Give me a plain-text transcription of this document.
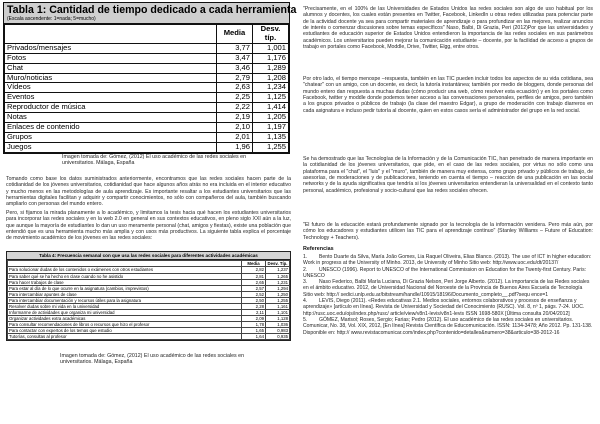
Tabla 1: Cantidad de tiempo dedicado a cada herramienta
(Escala ascendente: 1=nada; 5=mucho)
	Media	Desv. típ.
Privados/mensajes	3,77	1,001
Fotos	3,47	1,176
Chat	3,46	1,289
Muro/noticias	2,79	1,208
Vídeos	2,63	1,234
Eventos	2,25	1,125
Reproductor de música	2,22	1,414
Notas	2,19	1,205
Enlaces de contenido	2,10	1,197
Grupos	2,01	1,135
Juegos	1,96	1,255
Imagen tomada de: Gómez, (2012) El uso académico de las redes sociales en universitarios. Málaga, España
Tomando como base los datos suministrados anteriormente, encontramos que las redes sociales hacen parte de la cotidianidad de los jóvenes universitarios, cotidianidad que hace algunos años atrás no era incluida en el interior educativo y mucho menos en las metodologías de aula aprendizaje. Es importante resaltar a los estudiantes universitarios que las herramientas digitales facilitan y adquirir y compartir conocimientos, no sólo con compañeros del aula, también buscando ampliarlo con personas del mundo entero.
Pero, si fijamos la mirada planamente a lo académico, y limitamos la tesis hacia qué hacen los estudiantes universitarios para incorporar las redes sociales y en la web 2.0 en general en sus contextos educativos, en pleno siglo XXI aún a la luz, que aunque la mayoría de estudiantes lo dan un uso meramente personal (chat, amigos y fiestas), existe una población que entendió que es una herramienta mucho más amplia y con usos más productivos. La siguiente tabla explica el porcentaje de movimiento académico de los jóvenes en las redes sociales:
Tabla 4: Frecuencia semanal con que usa las redes sociales para diferentes actividades académicas
	Media	Desv. Típ.
Para solucionar dudas de los contenidos o exámenes con otros estudiantes	2,82	1,237
Para saber qué se ha hecho en clase cuando no he asistido	2,81	1,265
Para hacer trabajos de clase	2,65	1,231
Para estar al día de lo que ocurre en la asignatura (cambios, imprevistos)	2,57	1,294
Para intercambiar apuntes de clase	2,52	1,250
Para intercambiar documentación y recursos útiles para la asignatura	2,50	1,255
Resolver dudas sobre mi vida en la universidad	2,28	1,161
Informarme de actividades que organiza mi universidad	2,11	1,101
Organizar actividades extra académicas	2,09	1,128
Para consultar recomendaciones de libros o recursos que hizo el profesor	1,78	1,036
Para contactar con expertos de los temas que estudio	1,65	0,983
Tutorías, consultas al profesor	1,64	0,935
Imagen tomada de: Gómez, (2012) El uso académico de las redes sociales en universitarios. Málaga, España
"Precisamente, en el 100% de las Universidades de Estados Unidos las redes sociales son algo de uso habitual por los alumnos y docentes, los cuales están presentes en Twitter, Facebook, LinkedIn u otras redes utilizadas para potenciar parte de la actividad docente ya sea para compartir materiales de aprendizaje o para profundizar en las mejores, realizar anuncios de interés o comenzar discusiones sobre temas específicos" Naso, Balbi, Di Grazia, Peri (2012)Por que las universidades y estudiantes de educación superior de Estados Unidos entendieron la importancia de las redes sociales en sus parámetros académicos. Los universitarios pueden mejorar la comunicación estudiante – docente, por la facilidad de acceso a grupos de trabajo en portales como Facebook, Moddle, Drive, Twitter, Elgg, entre otros.
Por otro lado, el tiempo menospe –respuesta, también en las TIC pueden incluir todos los aspectos de su vida cotidiana, sea "chatear" con un amigo, con un docente, es decir, la tutoría instantánea; también por medio de bloggers, donde personas del mundo entero dan respuesta a muchas dudas (cómo producir una web, cómo resolver esta ecuación) y en los portales como Facebook, twitter y moddle donde podemos tener acceso a las conversaciones personales, perfiles de amigos, pero también a los grupos privados o públicos de trabajo (la clase del maestro Edgar), a grupo de moderación con trabajo diarreros en cada asignatura e incluso pedir tutoría al docente, quien en estos casos sería el administrador del grupo en la red social.
Se ha demostrado que las Tecnologías de la Información y de la Comunicación TIC, han penetrado de manera importante en la cotidianidad de los jóvenes universitarios, que pide, en el caso de las redes sociales, por virtus no sólo como una plataforma para el "chat", el "luis" y el "muro", también de manera muy extensa, como grupo privado y públicos de trabajo, de asesorías, de moderaciones y de publicaciones, teniendo en cuenta el tiempo – reacción de una publicación en las social networks y de la ayuda significativa que tendría si los jóvenes universitarios entendieran la universalidad en el contexto tanto personal, académico, profesional y socio-cultural que las redes sociales ofrecen.
"El futuro de la educación estará profundamente signado por la tecnología de la información venidera. Pero más aún, por cómo los educadores y estudiantes utilicen las TIC para el aprendizaje continuo" (Stanley Williams – Future of Education: Technology + Teachers).
Referencias
1. Bento Duarte da Silva, María João Gomes, Lia Raquel Oliveira, Elias Blanco. (2013). The use of ICT in higher education: Work in progress at the University of Minho. 2013, de University of Minho Sitio web: http://www.uoc.edu/dt/20137/
2. UNESCO (1996). Report to UNESCO of the International Commission on Education for the Twenty-first Century. Paris: UNESCO
3. Naso Federico, Balbi María Luciana, Di Grazia Nelson, Peri Jorge Alberto. (2012). La importancia de las Redes sociales en el ámbito educativo. 2012, de Universidad Nacional del Noroeste de la Provincia de Buenos Aires Escuela de Tecnología Sitio web: http:// sedici.unlp.edu.ar/bitstream/handle/10915/18196/Documento_completo__.pdf?sequ ence=1
4. LEVIS, Diego (2011). «Redes educativas 2.1. Medios sociales, entornos colaborativos y procesos de enseñanza y aprendizaje» [artículo en línea]. Revista de Universidad y Sociedad del Conocimiento (RUSC). Vol. 8, nº 1, págs. 7-24. UOC. http://rusc.uoc.edu/ojs/index.php/rusc/ article/view/v8n1-levis/v8n1-levis ISSN 1698-580X [Última consulta 20/04/2012]
5. GÓMEZ, Marisol; Roses, Sergio; Farias; Pedro (2012). El uso académico de las redes sociales en universitarios. Comunicar, No. 38, Vol. XIX, 2012, [En línea] Revista Científica de Educomunicación. ISSN: 1134-3478; Año 2012. Pp. 131-138. Disponible en: http:// www.revistacomunicar.com/index.php?contenido=detalles&numero=38&articulo=38-2012-16
